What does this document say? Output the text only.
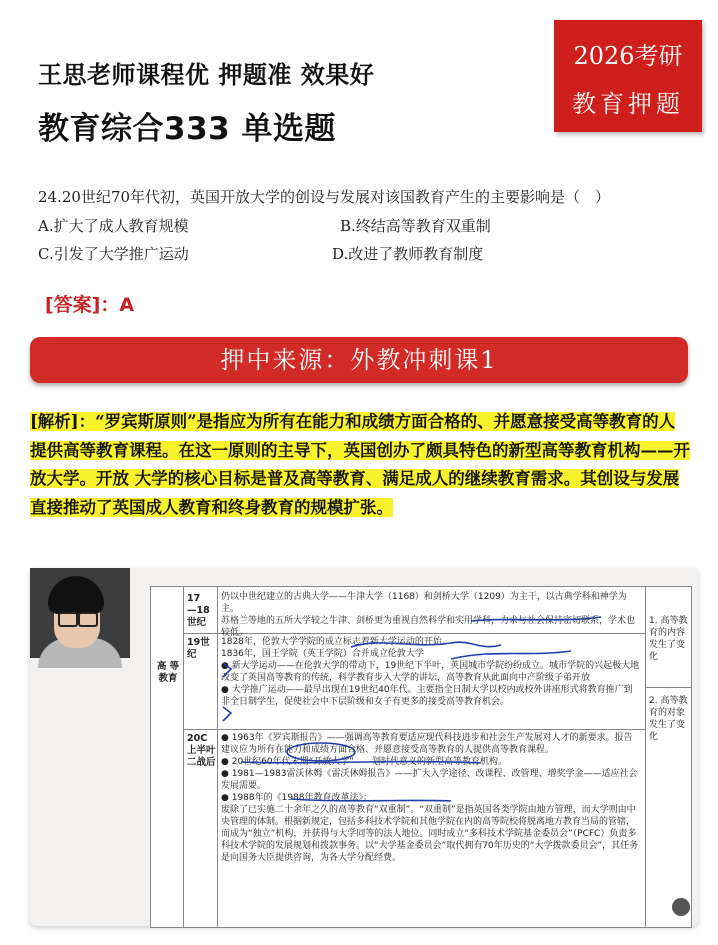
王思老师课程优 押题准 效果好
教育综合333 单选题
2026考研
教育押题
24.20世纪70年代初，英国开放大学的创设与发展对该国教育产生的主要影响是（　）
A.扩大了成人教育规模	B.终结高等教育双重制
C.引发了大学推广运动	D.改进了教师教育制度
[答案]：A
押中来源：外教冲刺课1
[解析]：“罗宾斯原则”是指应为所有在能力和成绩方面合格的、并愿意接受高等教育的人提供高等教育课程。在这一原则的主导下，英国创办了颇具特色的新型高等教育机构——开放大学。开放 大学的核心目标是普及高等教育、满足成人的继续教育需求。其创设与发展直接推动了英国成人教育和终身教育的规模扩张。
高 等 教育
17
—18世纪
仍以中世纪建立的古典大学——牛津大学（1168）和剑桥大学（1209）为主干，以古典学科和神学为主。
苏格兰等地的五所大学较之牛津、剑桥更为重视自然科学和实用学科，力求与社会保持密切联系，学术也较低。
19世纪
1828年，伦敦大学学院的成立标志着新大学运动的开始。
1836年，国王学院（英王学院）合并成立伦敦大学
● 新大学运动——在伦敦大学的带动下，19世纪下半叶，英国城市学院纷纷成立。城市学院的兴起极大地改变了英国高等教育的传统，科学教育步入大学的讲坛，高等教育从此面向中产阶级子弟开放
● 大学推广运动——最早出现在19世纪40年代。主要指全日制大学以校内或校外讲座形式将教育推广到非全日制学生，促使社会中下层阶级和女子有更多的接受高等教育机会。
20C 上半叶
二战后
● 1963年《罗宾斯报告》——强调高等教育要适应现代科技进步和社会生产发展对人才的新要求。报告建议应为所有在能力和成绩方面合格、并愿意接受高等教育的人提供高等教育课程。
● 20世纪60年代末期“开放大学”——划时代意义的新型高等教育机构。
● 1981—1983雷沃休姆《雷沃休姆报告》——扩大入学途径、改课程、改管理、增奖学金——适应社会发展需要。
● 1988年的《1988年教育改革法》：
废除了已实施二十余年之久的高等教育“双重制”。“双重制”是指英国各类学院由地方管理，而大学则由中央管理的体制。根据新规定，包括多科技术学院和其他学院在内的高等院校将脱离地方教育当局的管辖，而成为“独立”机构，并获得与大学同等的法人地位。同时成立“多科技术学院基金委员会”（PCFC）负责多科技术学院的发展规划和拨款事务。以“大学基金委员会”取代拥有70年历史的“大学拨款委员会”，其任务是向国务大臣提供咨询，为各大学分配经费。
1. 高等教育的内容发生了变化
2. 高等教育的对象发生了变化
